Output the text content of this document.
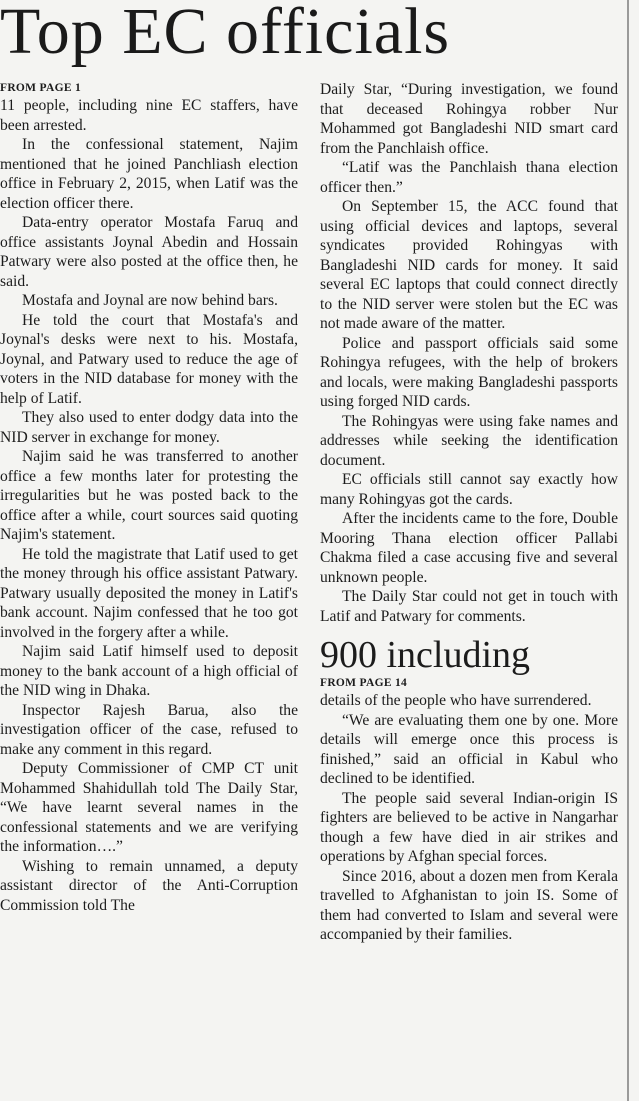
Top EC officials
FROM PAGE 1

11 people, including nine EC staffers, have been arrested.

In the confessional statement, Najim mentioned that he joined Panchliash election office in February 2, 2015, when Latif was the election officer there.

Data-entry operator Mostafa Faruq and office assistants Joynal Abedin and Hossain Patwary were also posted at the office then, he said.

Mostafa and Joynal are now behind bars.

He told the court that Mostafa's and Joynal's desks were next to his. Mostafa, Joynal, and Patwary used to reduce the age of voters in the NID database for money with the help of Latif.

They also used to enter dodgy data into the NID server in exchange for money.

Najim said he was transferred to another office a few months later for protesting the irregularities but he was posted back to the office after a while, court sources said quoting Najim's statement.

He told the magistrate that Latif used to get the money through his office assistant Patwary. Patwary usually deposited the money in Latif's bank account. Najim confessed that he too got involved in the forgery after a while.

Najim said Latif himself used to deposit money to the bank account of a high official of the NID wing in Dhaka.

Inspector Rajesh Barua, also the investigation officer of the case, refused to make any comment in this regard.

Deputy Commissioner of CMP CT unit Mohammed Shahidullah told The Daily Star, “We have learnt several names in the confessional statements and we are verifying the information….”

Wishing to remain unnamed, a deputy assistant director of the Anti-Corruption Commission told The

Daily Star, “During investigation, we found that deceased Rohingya robber Nur Mohammed got Bangladeshi NID smart card from the Panchlaish office.

“Latif was the Panchlaish thana election officer then.”

On September 15, the ACC found that using official devices and laptops, several syndicates provided Rohingyas with Bangladeshi NID cards for money. It said several EC laptops that could connect directly to the NID server were stolen but the EC was not made aware of the matter.

Police and passport officials said some Rohingya refugees, with the help of brokers and locals, were making Bangladeshi passports using forged NID cards.

The Rohingyas were using fake names and addresses while seeking the identification document.

EC officials still cannot say exactly how many Rohingyas got the cards.

After the incidents came to the fore, Double Mooring Thana election officer Pallabi Chakma filed a case accusing five and several unknown people.

The Daily Star could not get in touch with Latif and Patwary for comments.

900 including
FROM PAGE 14

details of the people who have surrendered.

“We are evaluating them one by one. More details will emerge once this process is finished,” said an official in Kabul who declined to be identified.

The people said several Indian-origin IS fighters are believed to be active in Nangarhar though a few have died in air strikes and operations by Afghan special forces.

Since 2016, about a dozen men from Kerala travelled to Afghanistan to join IS. Some of them had converted to Islam and several were accompanied by their families.
